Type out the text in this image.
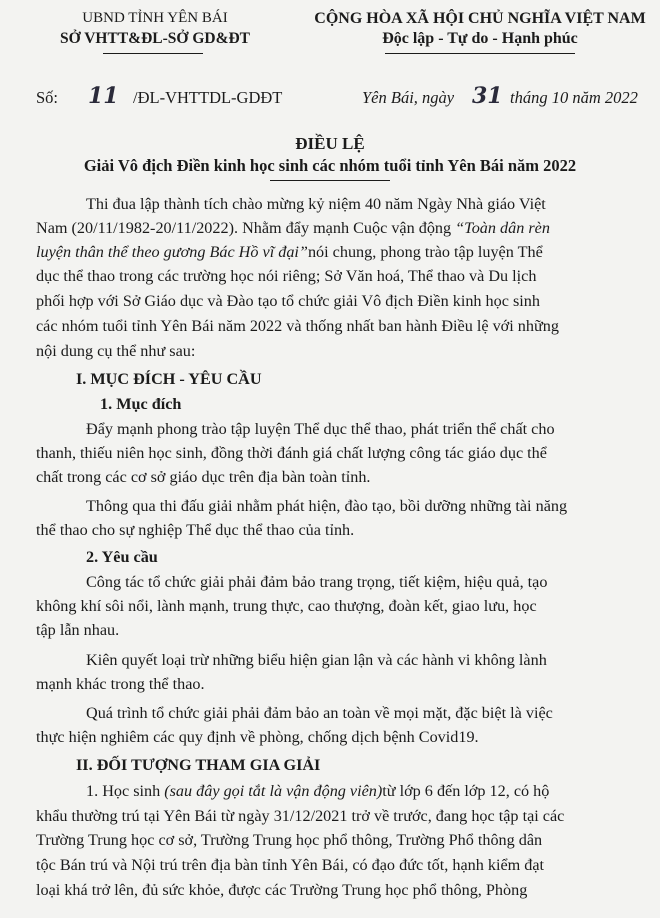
UBND TỈNH YÊN BÁI
SỞ VHTT&ĐL-SỞ GD&ĐT
CỘNG HÒA XÃ HỘI CHỦ NGHĨA VIỆT NAM
Độc lập - Tự do - Hạnh phúc
Số: 11 /ĐL-VHTTDL-GDĐT	Yên Bái, ngày 31 tháng 10 năm 2022
ĐIỀU LỆ
Giải Vô địch Điền kinh học sinh các nhóm tuổi tỉnh Yên Bái năm 2022

Thi đua lập thành tích chào mừng kỷ niệm 40 năm Ngày Nhà giáo Việt

Nam (20/11/1982-20/11/2022). Nhằm đẩy mạnh Cuộc vận động “Toàn dân rèn

luyện thân thể theo gương Bác Hồ vĩ đại”nói chung, phong trào tập luyện Thể

dục thể thao trong các trường học nói riêng; Sở Văn hoá, Thể thao và Du lịch

phối hợp với Sở Giáo dục và Đào tạo tổ chức giải Vô địch Điền kinh học sinh

các nhóm tuổi tỉnh Yên Bái năm 2022 và thống nhất ban hành Điều lệ với những

nội dung cụ thể như sau:

I. MỤC ĐÍCH - YÊU CẦU

1. Mục đích

Đẩy mạnh phong trào tập luyện Thể dục thể thao, phát triển thể chất cho

thanh, thiếu niên học sinh, đồng thời đánh giá chất lượng công tác giáo dục thể

chất trong các cơ sở giáo dục trên địa bàn toàn tỉnh.

Thông qua thi đấu giải nhằm phát hiện, đào tạo, bồi dưỡng những tài năng

thể thao cho sự nghiệp Thể dục thể thao của tỉnh.

2. Yêu cầu

Công tác tổ chức giải phải đảm bảo trang trọng, tiết kiệm, hiệu quả, tạo

không khí sôi nổi, lành mạnh, trung thực, cao thượng, đoàn kết, giao lưu, học

tập lẫn nhau.

Kiên quyết loại trừ những biểu hiện gian lận và các hành vi không lành

mạnh khác trong thể thao.

Quá trình tổ chức giải phải đảm bảo an toàn về mọi mặt, đặc biệt là việc

thực hiện nghiêm các quy định về phòng, chống dịch bệnh Covid19.

II. ĐỐI TƯỢNG THAM GIA GIẢI

1. Học sinh (sau đây gọi tắt là vận động viên)từ lớp 6 đến lớp 12, có hộ

khẩu thường trú tại Yên Bái từ ngày 31/12/2021 trở về trước, đang học tập tại các

Trường Trung học cơ sở, Trường Trung học phổ thông, Trường Phổ thông dân

tộc Bán trú và Nội trú trên địa bàn tỉnh Yên Bái, có đạo đức tốt, hạnh kiểm đạt

loại khá trở lên, đủ sức khỏe, được các Trường Trung học phổ thông, Phòng
